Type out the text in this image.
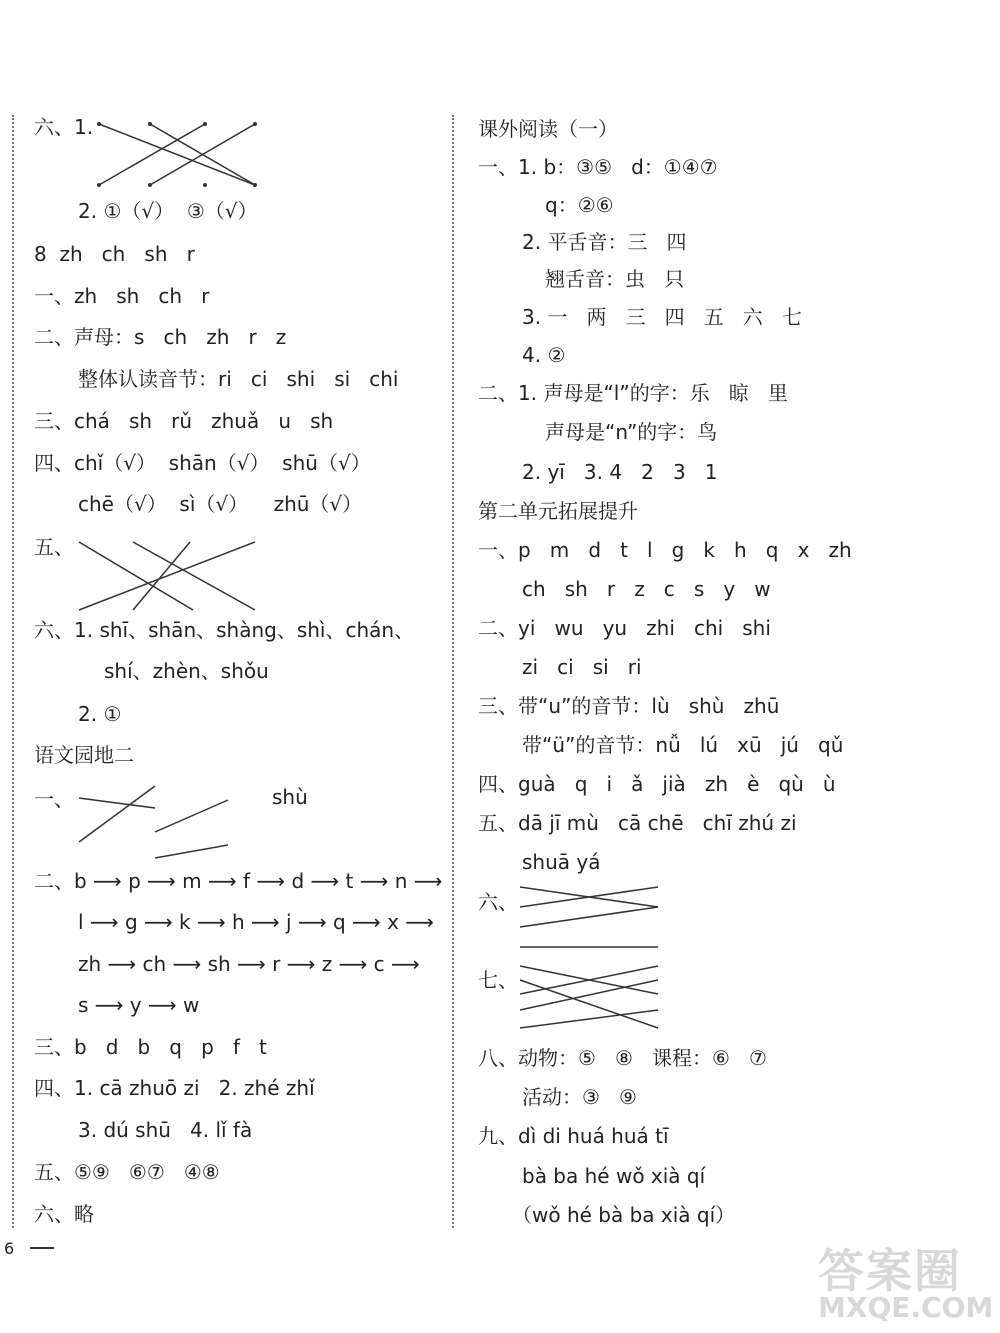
六、1.
2. ①（√）  ③（√）
8  zh   ch   sh   r
一、zh   sh   ch   r
二、声母：s   ch   zh   r   z
整体认读音节：ri   ci   shi   si   chi
三、chá   sh   rǔ   zhuǎ   u   sh
四、chǐ（√）  shān（√）  shū（√）
chē（√）  sì（√）    zhū（√）
五、
六、1. shī、shān、shàng、shì、chán、
shí、zhèn、shǒu
2. ①
语文园地二
一、	shù
二、b ⟶ p ⟶ m ⟶ f ⟶ d ⟶ t ⟶ n ⟶
l ⟶ g ⟶ k ⟶ h ⟶ j ⟶ q ⟶ x ⟶
zh ⟶ ch ⟶ sh ⟶ r ⟶ z ⟶ c ⟶
s ⟶ y ⟶ w
三、b   d   b   q   p   f   t
四、1. cā zhuō zi   2. zhé zhǐ
3. dú shū   4. lǐ fà
五、⑤⑨   ⑥⑦   ④⑧
六、略
6
课外阅读（一）
一、1. b：③⑤   d：①④⑦
q：②⑥
2. 平舌音：三   四
翘舌音：虫   只
3. 一   两   三   四   五   六   七
4. ②
二、1. 声母是“l”的字：乐   晾   里
声母是“n”的字：鸟
2. yī   3. 4   2   3   1
第二单元拓展提升
一、p   m   d   t   l   g   k   h   q   x   zh
ch   sh   r   z   c   s   y   w
二、yi   wu   yu   zhi   chi   shi
zi   ci   si   ri
三、带“u”的音节：lù   shù   zhū
带“ü”的音节：nǚ   lú   xū   jú   qǔ
四、guà   q   i   ǎ   jià   zh   è   qù   ù
五、dā jī mù   cā chē   chī zhú zi
shuā yá
六、
七、
八、动物：⑤   ⑧   课程：⑥   ⑦
活动：③   ⑨
九、dì di huá huá tī
bà ba hé wǒ xià qí
（wǒ hé bà ba xià qí）
答案圈
MXQE.COM
